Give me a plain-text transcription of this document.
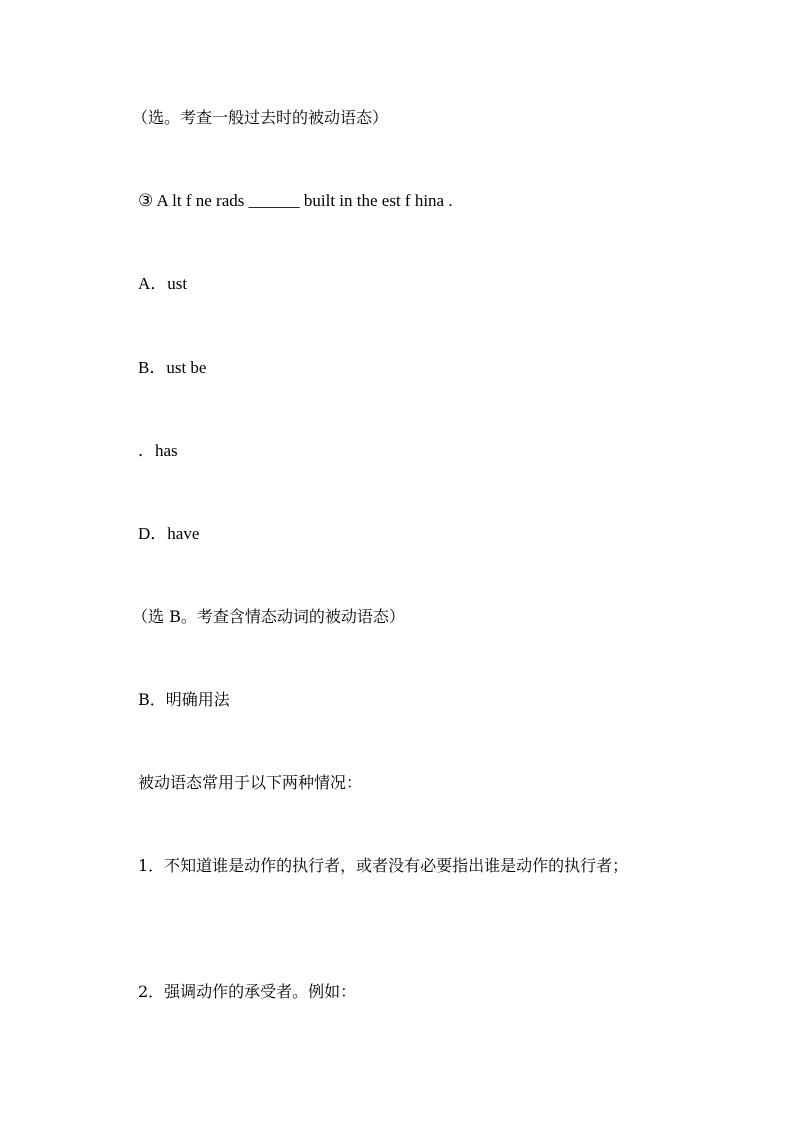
（选。考查一般过去时的被动语态）
③ A lt f ne rads ______ built in the est f hina .
A．ust
B．ust be
．has
D．have
（选 B。考查含情态动词的被动语态）
B．明确用法
被动语态常用于以下两种情况：
1．不知道谁是动作的执行者，或者没有必要指出谁是动作的执行者；
2．强调动作的承受者。例如：
